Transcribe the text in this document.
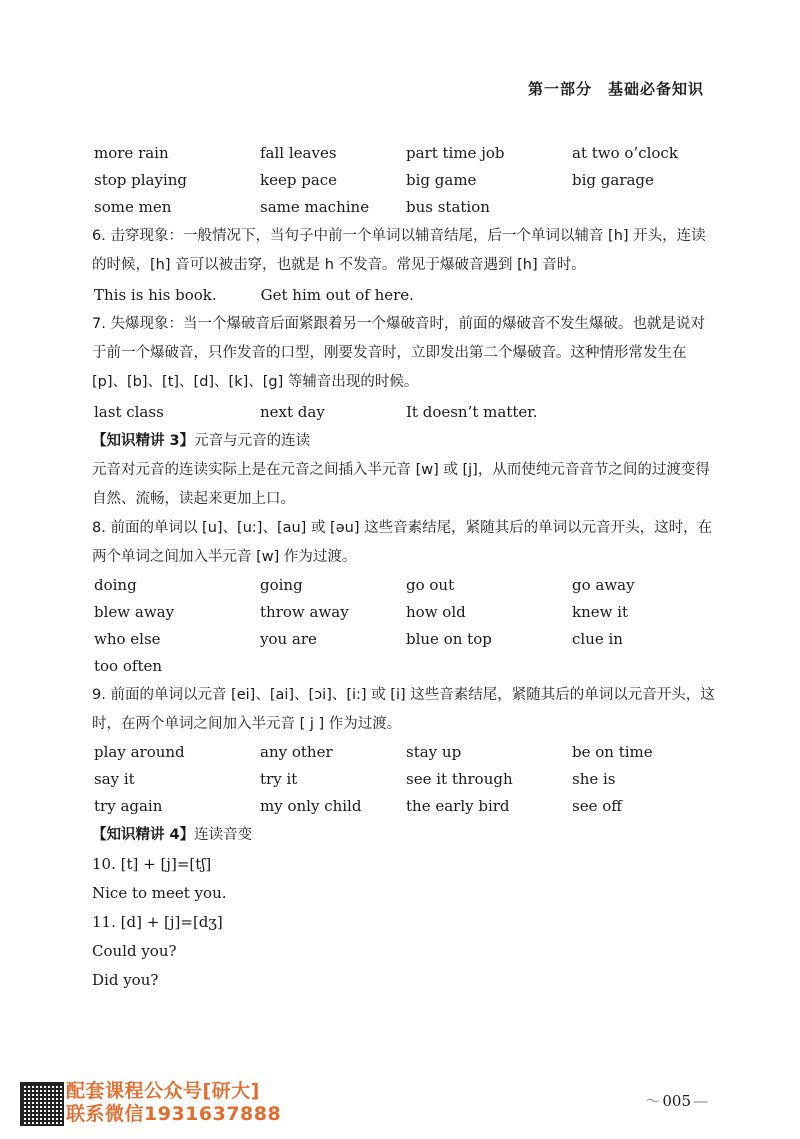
第一部分　基础必备知识
more rain	fall leaves	part time job	at two o’clock
stop playing	keep pace	big game	big garage
some men	same machine	bus station

6. 击穿现象：一般情况下，当句子中前一个单词以辅音结尾，后一个单词以辅音 [h] 开头，连读的时候，[h] 音可以被击穿，也就是 h 不发音。常见于爆破音遇到 [h] 音时。

This is his book.	Get him out of here.

7. 失爆现象：当一个爆破音后面紧跟着另一个爆破音时，前面的爆破音不发生爆破。也就是说对于前一个爆破音，只作发音的口型，刚要发音时，立即发出第二个爆破音。这种情形常发生在 [p]、[b]、[t]、[d]、[k]、[g] 等辅音出现的时候。

last class	next day	It doesn’t matter.

【知识精讲 3】元音与元音的连读

元音对元音的连读实际上是在元音之间插入半元音 [w] 或 [j]，从而使纯元音音节之间的过渡变得自然、流畅，读起来更加上口。

8. 前面的单词以 [u]、[u:]、[au] 或 [əu] 这些音素结尾，紧随其后的单词以元音开头，这时，在两个单词之间加入半元音 [w] 作为过渡。

doing	going	go out	go away
blew away	throw away	how old	knew it
who else	you are	blue on top	clue in
too often

9. 前面的单词以元音 [ei]、[ai]、[ɔi]、[i:] 或 [i] 这些音素结尾，紧随其后的单词以元音开头，这时，在两个单词之间加入半元音 [ j ] 作为过渡。

play around	any other	stay up	be on time
say it	try it	see it through	she is
try again	my only child	the early bird	see off

【知识精讲 4】连读音变

10. [t] + [j]=[tʃ]

Nice to meet you.

11. [d] + [j]=[dʒ]

Could you?

Did you?

配套课程公众号[研大]
联系微信1931637888
～ 005 —
